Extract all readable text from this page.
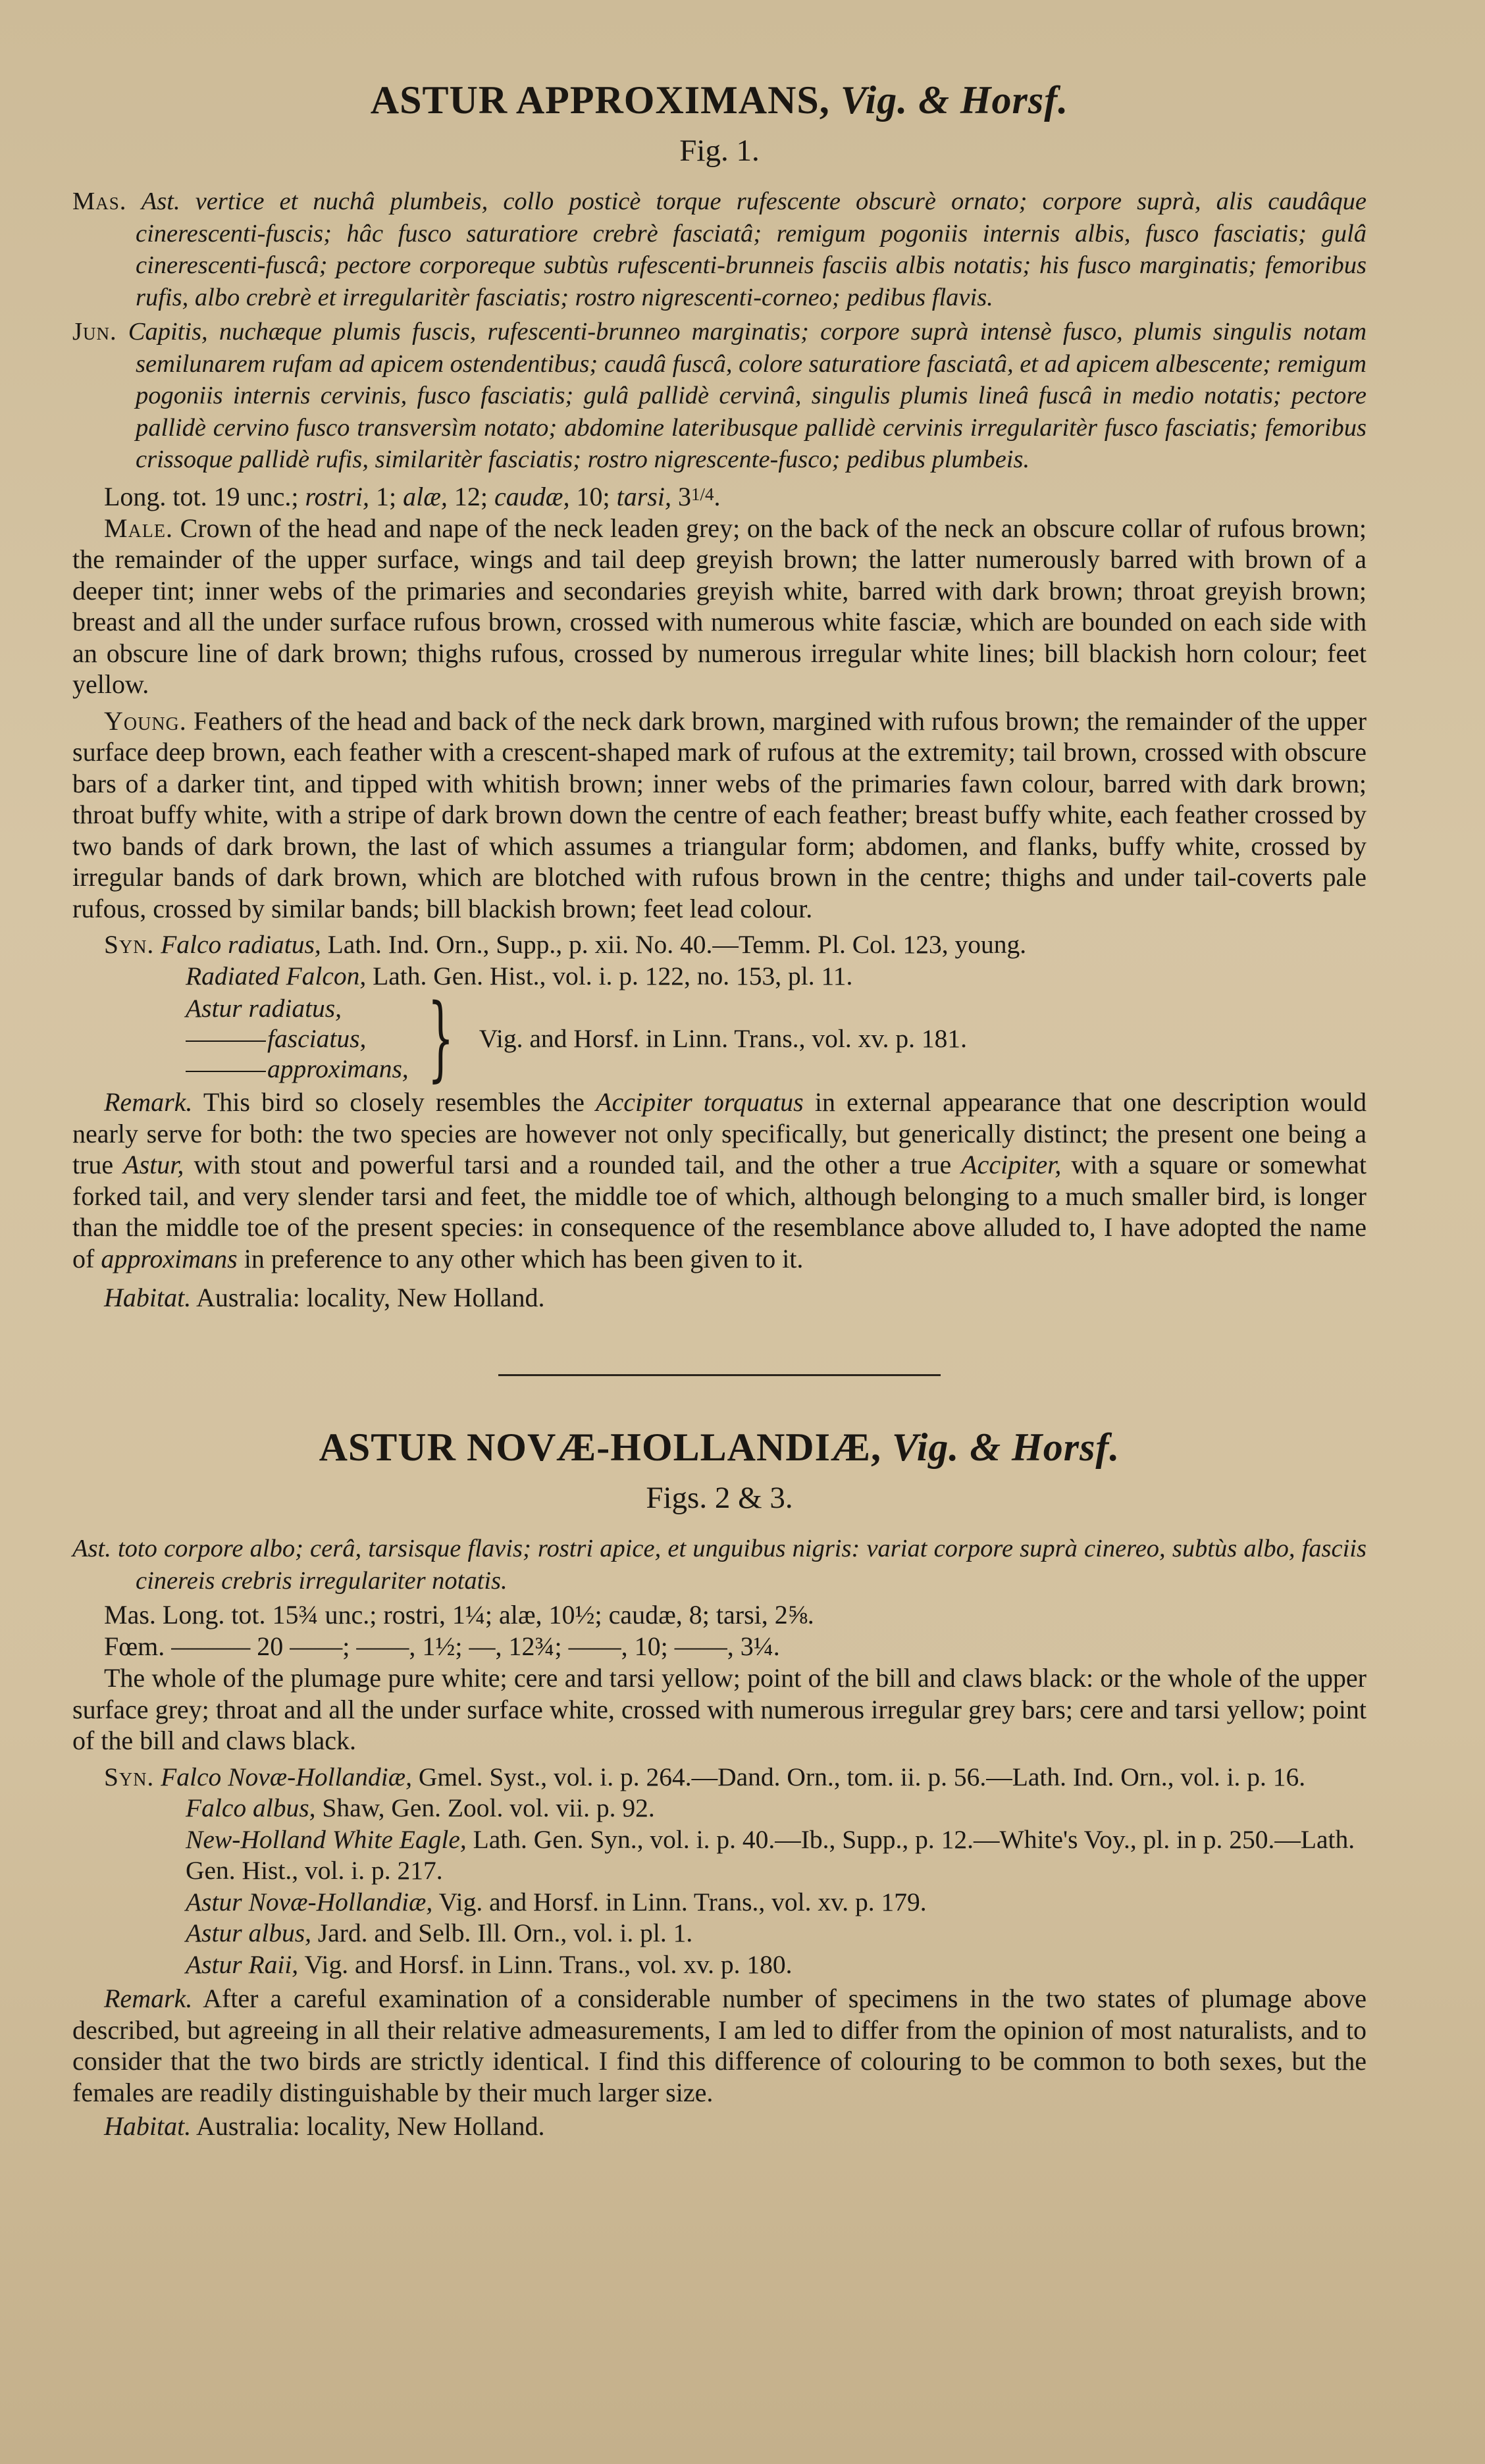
ASTUR APPROXIMANS, Vig. & Horsf.
Fig. 1.

Mas. Ast. vertice et nuchâ plumbeis, collo posticè torque rufescente obscurè ornato; corpore suprà, alis caudâque cinerescenti-fuscis; hâc fusco saturatiore crebrè fasciatâ; remigum pogoniis internis albis, fusco fasciatis; gulâ cinerescenti-fuscâ; pectore corporeque subtùs rufescenti-brunneis fasciis albis notatis; his fusco marginatis; femoribus rufis, albo crebrè et irregularitèr fasciatis; rostro nigrescenti-corneo; pedibus flavis.

Jun. Capitis, nuchæque plumis fuscis, rufescenti-brunneo marginatis; corpore suprà intensè fusco, plumis singulis notam semilunarem rufam ad apicem ostendentibus; caudâ fuscâ, colore saturatiore fasciatâ, et ad apicem albescente; remigum pogoniis internis cervinis, fusco fasciatis; gulâ pallidè cervinâ, singulis plumis lineâ fuscâ in medio notatis; pectore pallidè cervino fusco transversìm notato; abdomine lateribusque pallidè cervinis irregularitèr fusco fasciatis; femoribus crissoque pallidè rufis, similaritèr fasciatis; rostro nigrescente-fusco; pedibus plumbeis.

Long. tot. 19 unc.; rostri, 1; alæ, 12; caudæ, 10; tarsi, $3^{1/4}$.

Male. Crown of the head and nape of the neck leaden grey; on the back of the neck an obscure collar of rufous brown; the remainder of the upper surface, wings and tail deep greyish brown; the latter numerously barred with brown of a deeper tint; inner webs of the primaries and secondaries greyish white, barred with dark brown; throat greyish brown; breast and all the under surface rufous brown, crossed with numerous white fasciæ, which are bounded on each side with an obscure line of dark brown; thighs rufous, crossed by numerous irregular white lines; bill blackish horn colour; feet yellow.

Young. Feathers of the head and back of the neck dark brown, margined with rufous brown; the remainder of the upper surface deep brown, each feather with a crescent-shaped mark of rufous at the extremity; tail brown, crossed with obscure bars of a darker tint, and tipped with whitish brown; inner webs of the primaries fawn colour, barred with dark brown; throat buffy white, with a stripe of dark brown down the centre of each feather; breast buffy white, each feather crossed by two bands of dark brown, the last of which assumes a triangular form; abdomen, and flanks, buffy white, crossed by irregular bands of dark brown, which are blotched with rufous brown in the centre; thighs and under tail-coverts pale rufous, crossed by similar bands; bill blackish brown; feet lead colour.

Syn. Falco radiatus, Lath. Ind. Orn., Supp., p. xii. No. 40.—Temm. Pl. Col. 123, young.

Radiated Falcon, Lath. Gen. Hist., vol. i. p. 122, no. 153, pl. 11.

Astur radiatus,
fasciatus,
approximans, } Vig. and Horsf. in Linn. Trans., vol. xv. p. 181.

Remark. This bird so closely resembles the Accipiter torquatus in external appearance that one description would nearly serve for both: the two species are however not only specifically, but generically distinct; the present one being a true Astur, with stout and powerful tarsi and a rounded tail, and the other a true Accipiter, with a square or somewhat forked tail, and very slender tarsi and feet, the middle toe of which, although belonging to a much smaller bird, is longer than the middle toe of the present species: in consequence of the resemblance above alluded to, I have adopted the name of approximans in preference to any other which has been given to it.

Habitat. Australia: locality, New Holland.

ASTUR NOVÆ-HOLLANDIÆ, Vig. & Horsf.
Figs. 2 & 3.

Ast. toto corpore albo; cerâ, tarsisque flavis; rostri apice, et unguibus nigris: variat corpore suprà cinereo, subtùs albo, fasciis cinereis crebris irregulariter notatis.

Mas. Long. tot. 15¾ unc.; rostri, 1¼; alæ, 10½; caudæ, 8; tarsi, 2⅝.

Fœm. ——— 20 ——; ——, 1½; —, 12¾; ——, 10; ——, 3¼.

The whole of the plumage pure white; cere and tarsi yellow; point of the bill and claws black: or the whole of the upper surface grey; throat and all the under surface white, crossed with numerous irregular grey bars; cere and tarsi yellow; point of the bill and claws black.

Syn. Falco Novæ-Hollandiæ, Gmel. Syst., vol. i. p. 264.—Dand. Orn., tom. ii. p. 56.—Lath. Ind. Orn., vol. i. p. 16.

Falco albus, Shaw, Gen. Zool. vol. vii. p. 92.

New-Holland White Eagle, Lath. Gen. Syn., vol. i. p. 40.—Ib., Supp., p. 12.—White's Voy., pl. in p. 250.—Lath. Gen. Hist., vol. i. p. 217.

Astur Novæ-Hollandiæ, Vig. and Horsf. in Linn. Trans., vol. xv. p. 179.

Astur albus, Jard. and Selb. Ill. Orn., vol. i. pl. 1.

Astur Raii, Vig. and Horsf. in Linn. Trans., vol. xv. p. 180.

Remark. After a careful examination of a considerable number of specimens in the two states of plumage above described, but agreeing in all their relative admeasurements, I am led to differ from the opinion of most naturalists, and to consider that the two birds are strictly identical. I find this difference of colouring to be common to both sexes, but the females are readily distinguishable by their much larger size.

Habitat. Australia: locality, New Holland.
